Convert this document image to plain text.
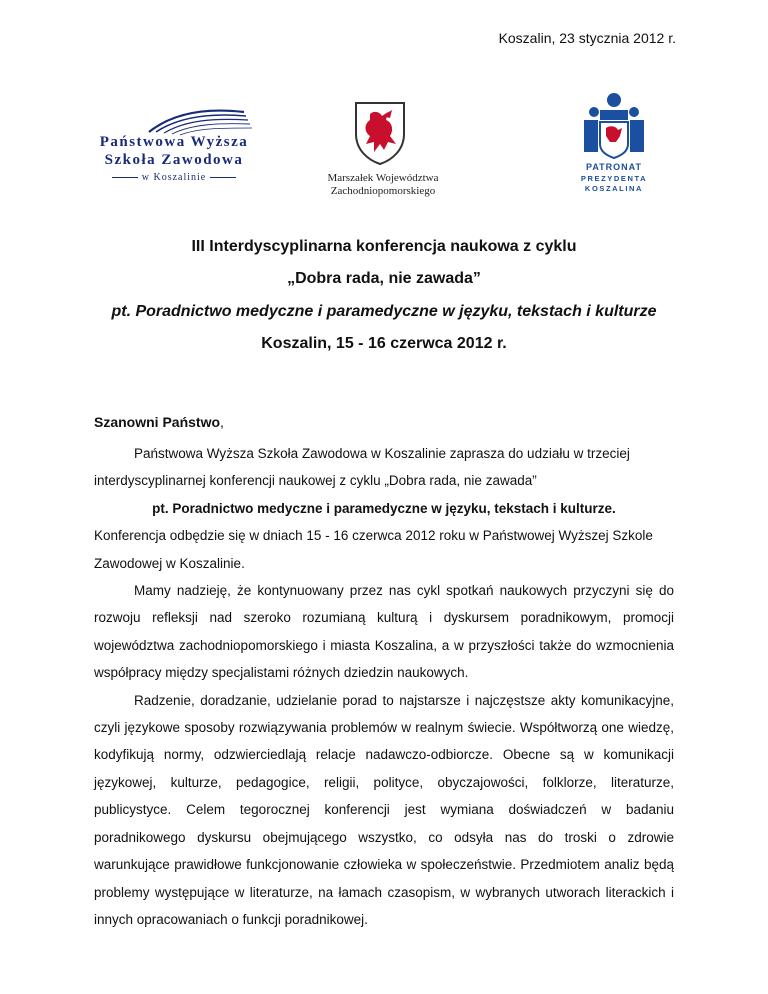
Koszalin, 23 stycznia 2012 r.
Państwowa Wyższa
Szkoła Zawodowa
w Koszalinie	Marszałek Województwa
Zachodniopomorskiego
PATRONAT
PREZYDENTA
KOSZALINA
III Interdyscyplinarna konferencja naukowa z cyklu
„Dobra rada, nie zawada”
pt. Poradnictwo medyczne i paramedyczne w języku, tekstach i kulturze
Koszalin, 15 - 16 czerwca 2012 r.
Szanowni Państwo,

Państwowa Wyższa Szkoła Zawodowa w Koszalinie zaprasza do udziału w trzeciej interdyscyplinarnej konferencji naukowej z cyklu „Dobra rada, nie zawada”

pt. Poradnictwo medyczne i paramedyczne w języku, tekstach i kulturze.

Konferencja odbędzie się w dniach 15 - 16 czerwca 2012 roku w Państwowej Wyższej Szkole Zawodowej w Koszalinie.

Mamy nadzieję, że kontynuowany przez nas cykl spotkań naukowych przyczyni się do rozwoju refleksji nad szeroko rozumianą kulturą i dyskursem poradnikowym, promocji województwa zachodniopomorskiego i miasta Koszalina, a w przyszłości także do wzmocnienia współpracy między specjalistami różnych dziedzin naukowych.

Radzenie, doradzanie, udzielanie porad to najstarsze i najczęstsze akty komunikacyjne, czyli językowe sposoby rozwiązywania problemów w realnym świecie. Współtworzą one wiedzę, kodyfikują normy, odzwierciedlają relacje nadawczo-odbiorcze. Obecne są w komunikacji językowej, kulturze, pedagogice, religii, polityce, obyczajowości, folklorze, literaturze, publicystyce. Celem tegorocznej konferencji jest wymiana doświadczeń w badaniu poradnikowego dyskursu obejmującego wszystko, co odsyła nas do troski o zdrowie warunkujące prawidłowe funkcjonowanie człowieka w społeczeństwie. Przedmiotem analiz będą problemy występujące w literaturze, na łamach czasopism, w wybranych utworach literackich i innych opracowaniach o funkcji poradnikowej.
